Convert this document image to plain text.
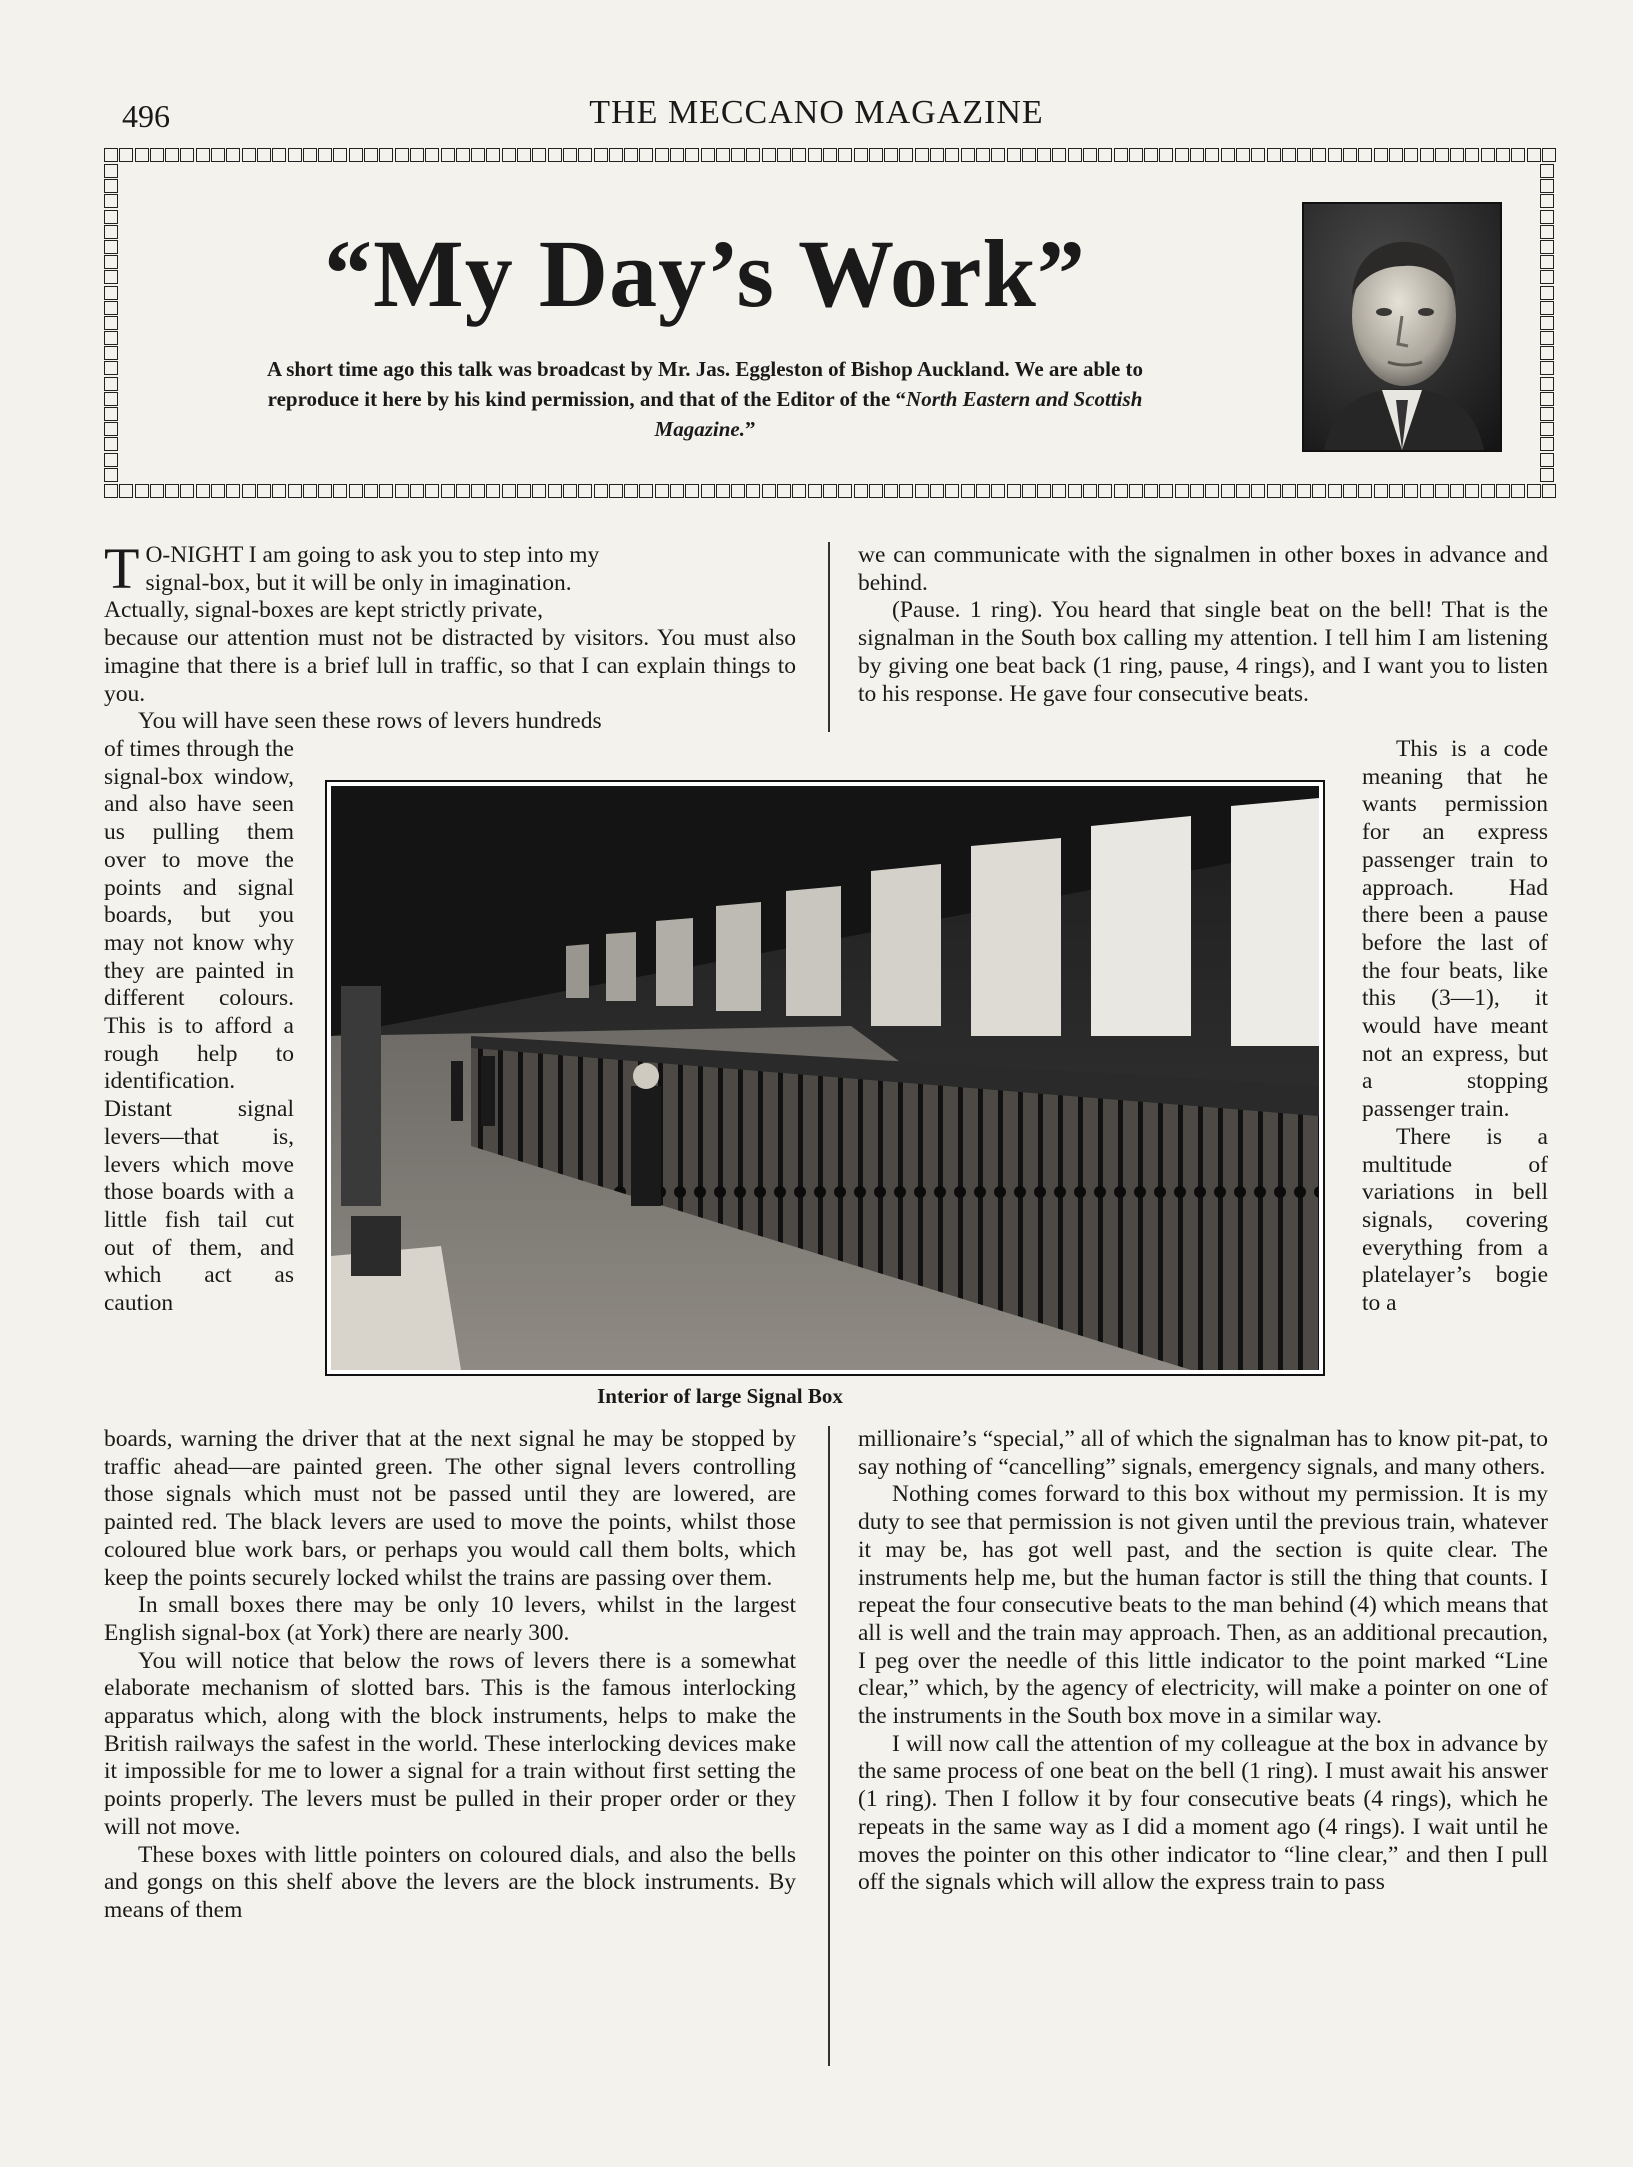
496	THE MECCANO MAGAZINE
“My Day’s Work”
A short time ago this talk was broadcast by Mr. Jas. Eggleston of Bishop Auckland. We are able to
reproduce it here by his kind permission, and that of the Editor of the “North Eastern and Scottish
Magazine.”

T O-NIGHT I am going to ask you to step into my
signal-box, but it will be only in imagination.
Actually, signal-boxes are kept strictly private,

because our attention must not be distracted by visitors. You must also imagine that there is a brief lull in traffic, so that I can explain things to you.

You will have seen these rows of levers hundreds

of times through the signal-box window, and also have seen us pulling them over to move the points and signal boards, but you may not know why they are painted in different colours. This is to afford a rough help to identification. Distant signal levers—that is, levers which move those boards with a little fish tail cut out of them, and which act as caution

we can communicate with the signalmen in other boxes in advance and behind.

(Pause. 1 ring). You heard that single beat on the bell! That is the signalman in the South box calling my attention. I tell him I am listening by giving one beat back (1 ring, pause, 4 rings), and I want you to listen to his response. He gave four consecutive beats.

This is a code meaning that he wants permission for an express passenger train to approach. Had there been a pause before the last of the four beats, like this (3—1), it would have meant not an express, but a stopping passenger train.

There is a multitude of variations in bell signals, covering everything from a platelayer’s bogie to a

Interior of large Signal Box

boards, warning the driver that at the next signal he may be stopped by traffic ahead—are painted green. The other signal levers controlling those signals which must not be passed until they are lowered, are painted red. The black levers are used to move the points, whilst those coloured blue work bars, or perhaps you would call them bolts, which keep the points securely locked whilst the trains are passing over them.

In small boxes there may be only 10 levers, whilst in the largest English signal-box (at York) there are nearly 300.

You will notice that below the rows of levers there is a somewhat elaborate mechanism of slotted bars. This is the famous interlocking apparatus which, along with the block instruments, helps to make the British railways the safest in the world. These interlocking devices make it impossible for me to lower a signal for a train without first setting the points properly. The levers must be pulled in their proper order or they will not move.

These boxes with little pointers on coloured dials, and also the bells and gongs on this shelf above the levers are the block instruments. By means of them

millionaire’s “special,” all of which the signalman has to know pit-pat, to say nothing of “cancelling” signals, emergency signals, and many others.

Nothing comes forward to this box without my permission. It is my duty to see that permission is not given until the previous train, whatever it may be, has got well past, and the section is quite clear. The instruments help me, but the human factor is still the thing that counts. I repeat the four consecutive beats to the man behind (4) which means that all is well and the train may approach. Then, as an additional precaution, I peg over the needle of this little indicator to the point marked “Line clear,” which, by the agency of electricity, will make a pointer on one of the instruments in the South box move in a similar way.

I will now call the attention of my colleague at the box in advance by the same process of one beat on the bell (1 ring). I must await his answer (1 ring). Then I follow it by four consecutive beats (4 rings), which he repeats in the same way as I did a moment ago (4 rings). I wait until he moves the pointer on this other indicator to “line clear,” and then I pull off the signals which will allow the express train to pass
